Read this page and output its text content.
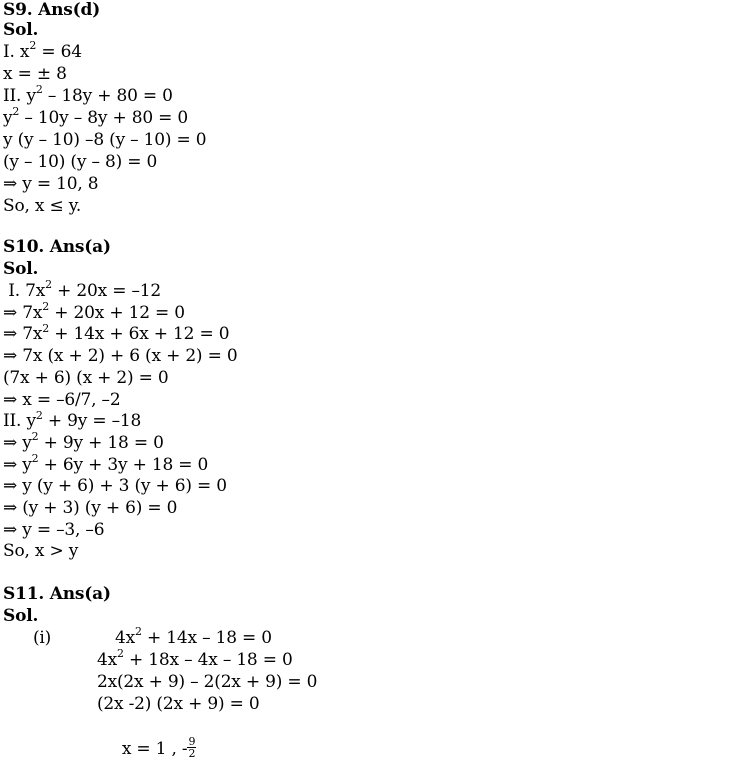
S9. Ans(d)
Sol.
I. $x^2 = 64$
x = ± 8
II. $y^2 - 18y + 80 = 0$
$y^2 - 10y - 8y + 80 = 0$
y (y – 10) –8 (y – 10) = 0
(y – 10) (y – 8) = 0
⇒ y = 10, 8
So, x ≤ y.
S10. Ans(a)
Sol.
I. $7x^2 + 20x = -12$
⇒ $7x^2 + 20x + 12 = 0$
⇒ $7x^2 + 14x + 6x + 12 = 0$
⇒ 7x (x + 2) + 6 (x + 2) = 0
(7x + 6) (x + 2) = 0
⇒ x = –6/7, –2
II. $y^2 + 9y = -18$
⇒ $y^2 + 9y + 18 = 0$
⇒ $y^2 + 6y + 3y + 18 = 0$
⇒ y (y + 6) + 3 (y + 6) = 0
⇒ (y + 3) (y + 6) = 0
⇒ y = –3, –6
So, x > y
S11. Ans(a)
Sol.
(i)	$4x^2 + 14x - 18 = 0$
$4x^2 + 18x - 4x - 18 = 0$
2x(2x + 9) – 2(2x + 9) = 0
(2x -2) (2x + 9) = 0

x = 1 , - $\frac{9}{2}$
